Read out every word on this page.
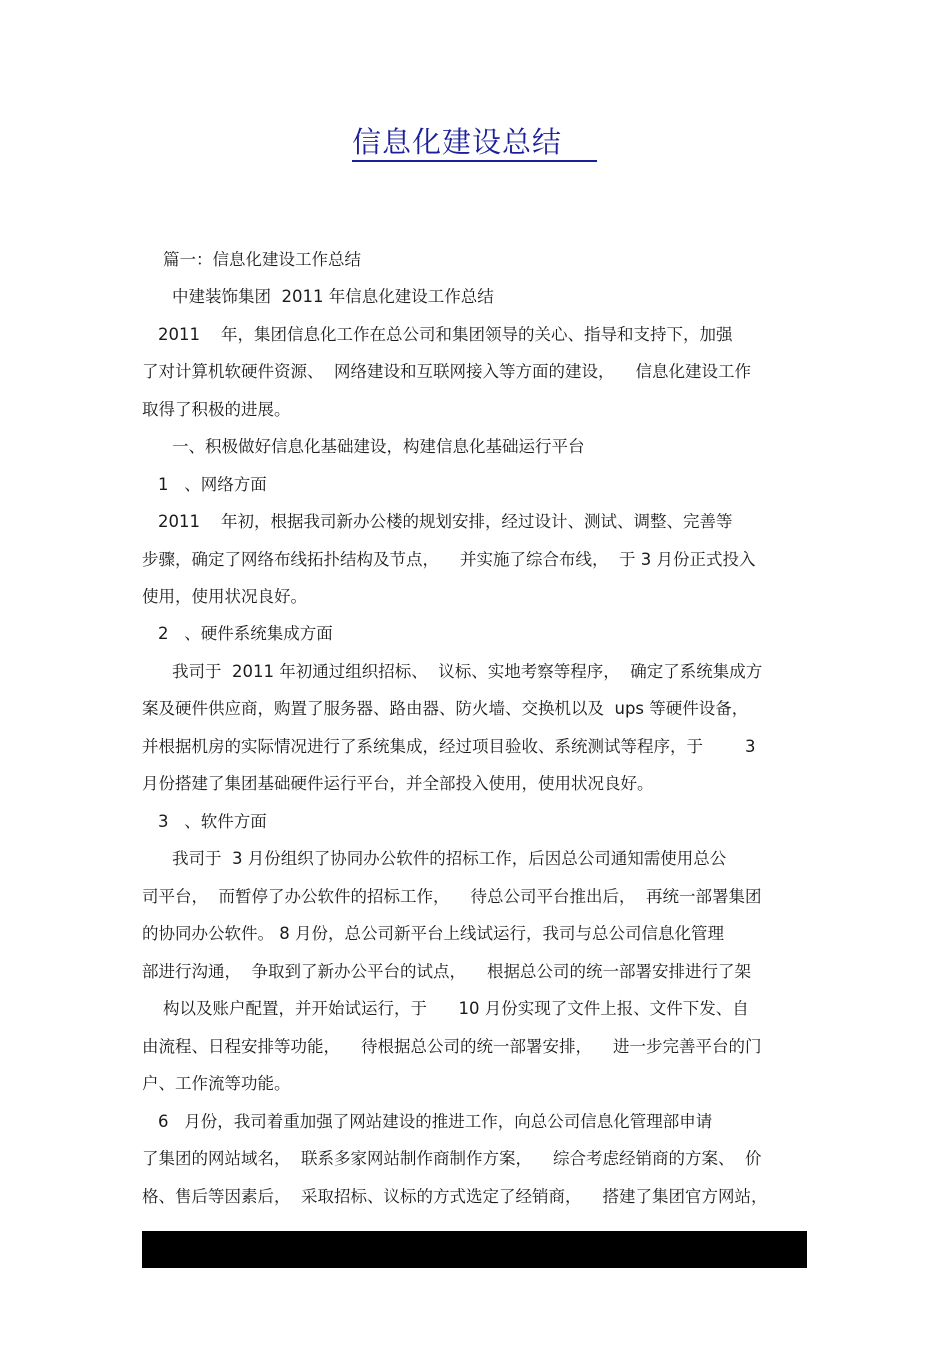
信息化建设总结
篇一：信息化建设工作总结
中建装饰集团  2011 年信息化建设工作总结
2011    年，集团信息化工作在总公司和集团领导的关心、指导和支持下，加强
了对计算机软硬件资源、  网络建设和互联网接入等方面的建设，    信息化建设工作
取得了积极的进展。
一、积极做好信息化基础建设，构建信息化基础运行平台
1   、网络方面
2011    年初，根据我司新办公楼的规划安排，经过设计、测试、调整、完善等
步骤，确定了网络布线拓扑结构及节点，    并实施了综合布线，  于 3 月份正式投入
使用，使用状况良好。
2   、硬件系统集成方面
我司于  2011 年初通过组织招标、  议标、实地考察等程序，  确定了系统集成方
案及硬件供应商，购置了服务器、路由器、防火墙、交换机以及  ups 等硬件设备，
并根据机房的实际情况进行了系统集成，经过项目验收、系统测试等程序，于        3
月份搭建了集团基础硬件运行平台，并全部投入使用，使用状况良好。
3   、软件方面
我司于  3 月份组织了协同办公软件的招标工作，后因总公司通知需使用总公
司平台，  而暂停了办公软件的招标工作，    待总公司平台推出后，  再统一部署集团
的协同办公软件。 8 月份，总公司新平台上线试运行，我司与总公司信息化管理
部进行沟通，  争取到了新办公平台的试点，    根据总公司的统一部署安排进行了架
构以及账户配置，并开始试运行，于      10 月份实现了文件上报、文件下发、自
由流程、日程安排等功能，    待根据总公司的统一部署安排，    进一步完善平台的门
户、工作流等功能。
6   月份，我司着重加强了网站建设的推进工作，向总公司信息化管理部申请
了集团的网站域名，  联系多家网站制作商制作方案，    综合考虑经销商的方案、  价
格、售后等因素后，  采取招标、议标的方式选定了经销商，    搭建了集团官方网站，
